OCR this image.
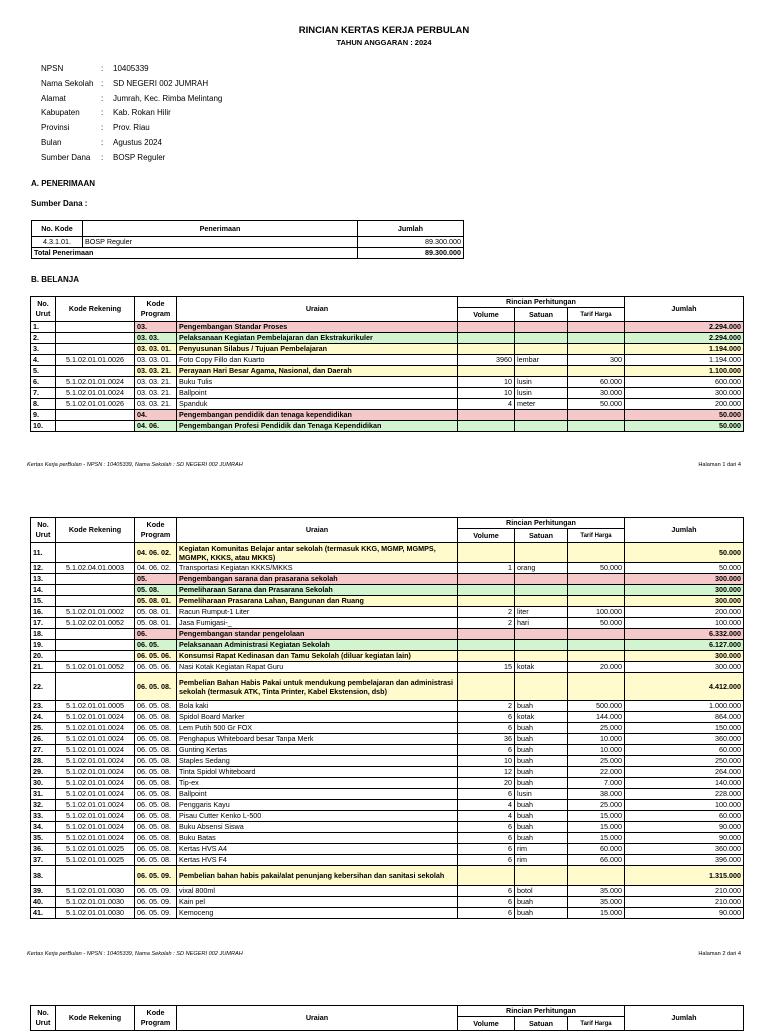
RINCIAN KERTAS KERJA PERBULAN
TAHUN ANGGARAN : 2024
NPSN	:	10405339
Nama Sekolah :	SD NEGERI 002 JUMRAH
Alamat	:	Jumrah, Kec. Rimba Melintang
Kabupaten	:	Kab. Rokan Hilir
Provinsi	:	Prov. Riau
Bulan	:	Agustus 2024
Sumber Dana	:	BOSP Reguler
A. PENERIMAAN
Sumber Dana :
No. Kode	Penerimaan	Jumlah
4.3.1.01.	BOSP Reguler	89.300.000
Total Penerimaan		89.300.000
B. BELANJA
No.
Urut	Kode Rekening	Kode
Program	Uraian	Rincian Perhitungan			Jumlah
				Volume	Satuan	Tarif Harga	
1.		03.	Pengembangan Standar Proses				2.294.000
2.		03. 03.	Pelaksanaan Kegiatan Pembelajaran dan Ekstrakurikuler				2.294.000
3.		03. 03. 01.	Penyusunan Silabus / Tujuan Pembelajaran				1.194.000
4.	5.1.02.01.01.0026	03. 03. 01.	Foto Copy Fillo dan Kuarto	3960	lembar	300	1.194.000
5.		03. 03. 21.	Perayaan Hari Besar Agama, Nasional, dan Daerah				1.100.000
6.	5.1.02.01.01.0024	03. 03. 21.	Buku Tulis	10	lusin	60.000	600.000
7.	5.1.02.01.01.0024	03. 03. 21.	Ballpoint	10	lusin	30.000	300.000
8.	5.1.02.01.01.0026	03. 03. 21.	Spanduk	4	meter	50.000	200.000
9.		04.	Pengembangan pendidik dan tenaga kependidikan				50.000
10.		04. 06.	Pengembangan Profesi Pendidik dan Tenaga Kependidikan				50.000
Kertas Kerja perBulan - NPSN : 10405339, Nama Sekolah : SD NEGERI 002 JUMRAH	Halaman 1 dari 4
No.
Urut	Kode Rekening	Kode
Program	Uraian	Rincian Perhitungan			Jumlah
				Volume	Satuan	Tarif Harga	
11.		04. 06. 02.	Kegiatan Komunitas Belajar antar sekolah (termasuk KKG, MGMP, MGMPS, MGMPK, KKKS, atau MKKS)				50.000
12.	5.1.02.04.01.0003	04. 06. 02.	Transportasi Kegiatan KKKS/MKKS	1	orang	50.000	50.000
13.		05.	Pengembangan sarana dan prasarana sekolah				300.000
14.		05. 08.	Pemeliharaan Sarana dan Prasarana Sekolah				300.000
15.		05. 08. 01.	Pemeliharaan Prasarana Lahan, Bangunan dan Ruang				300.000
16.	5.1.02.01.01.0002	05. 08. 01.	Racun Rumput-1 Liter	2	liter	100.000	200.000
17.	5.1.02.02.01.0052	05. 08. 01.	Jasa Fumigasi-_	2	hari	50.000	100.000
18.		06.	Pengembangan standar pengelolaan				6.332.000
19.		06. 05.	Pelaksanaan Administrasi Kegiatan Sekolah				6.127.000
20.		06. 05. 06.	Konsumsi Rapat Kedinasan dan Tamu Sekolah (diluar kegiatan lain)				300.000
21.	5.1.02.01.01.0052	06. 05. 06.	Nasi Kotak Kegiatan Rapat Guru	15	kotak	20.000	300.000
22.		06. 05. 08.	Pembelian Bahan Habis Pakai untuk mendukung pembelajaran dan administrasi sekolah (termasuk ATK, Tinta Printer, Kabel Ekstension, dsb)				4.412.000
23.	5.1.02.01.01.0005	06. 05. 08.	Bola kaki	2	buah	500.000	1.000.000
24.	5.1.02.01.01.0024	06. 05. 08.	Spidol Board Marker	6	kotak	144.000	864.000
25.	5.1.02.01.01.0024	06. 05. 08.	Lem Putih 500 Gr FOX	6	buah	25.000	150.000
26.	5.1.02.01.01.0024	06. 05. 08.	Penghapus Whiteboard besar Tanpa Merk	36	buah	10.000	360.000
27.	5.1.02.01.01.0024	06. 05. 08.	Gunting Kertas	6	buah	10.000	60.000
28.	5.1.02.01.01.0024	06. 05. 08.	Staples Sedang	10	buah	25.000	250.000
29.	5.1.02.01.01.0024	06. 05. 08.	Tinta Spidol Whiteboard	12	buah	22.000	264.000
30.	5.1.02.01.01.0024	06. 05. 08.	Tip-ex	20	buah	7.000	140.000
31.	5.1.02.01.01.0024	06. 05. 08.	Ballpoint	6	lusin	38.000	228.000
32.	5.1.02.01.01.0024	06. 05. 08.	Penggaris Kayu	4	buah	25.000	100.000
33.	5.1.02.01.01.0024	06. 05. 08.	Pisau Cutter Kenko L-500	4	buah	15.000	60.000
34.	5.1.02.01.01.0024	06. 05. 08.	Buku Absensi Siswa	6	buah	15.000	90.000
35.	5.1.02.01.01.0024	06. 05. 08.	Buku Batas	6	buah	15.000	90.000
36.	5.1.02.01.01.0025	06. 05. 08.	Kertas HVS A4	6	rim	60.000	360.000
37.	5.1.02.01.01.0025	06. 05. 08.	Kertas HVS F4	6	rim	66.000	396.000
38.		06. 05. 09.	Pembelian bahan habis pakai/alat penunjang kebersihan dan sanitasi sekolah				1.315.000
39.	5.1.02.01.01.0030	06. 05. 09.	vixal 800ml	6	botol	35.000	210.000
40.	5.1.02.01.01.0030	06. 05. 09.	Kain pel	6	buah	35.000	210.000
41.	5.1.02.01.01.0030	06. 05. 09.	Kemoceng	6	buah	15.000	90.000
Kertas Kerja perBulan - NPSN : 10405339, Nama Sekolah : SD NEGERI 002 JUMRAH	Halaman 2 dari 4
No.
Urut	Kode Rekening	Kode
Program	Uraian	Rincian Perhitungan			Jumlah
				Volume	Satuan	Tarif Harga	
